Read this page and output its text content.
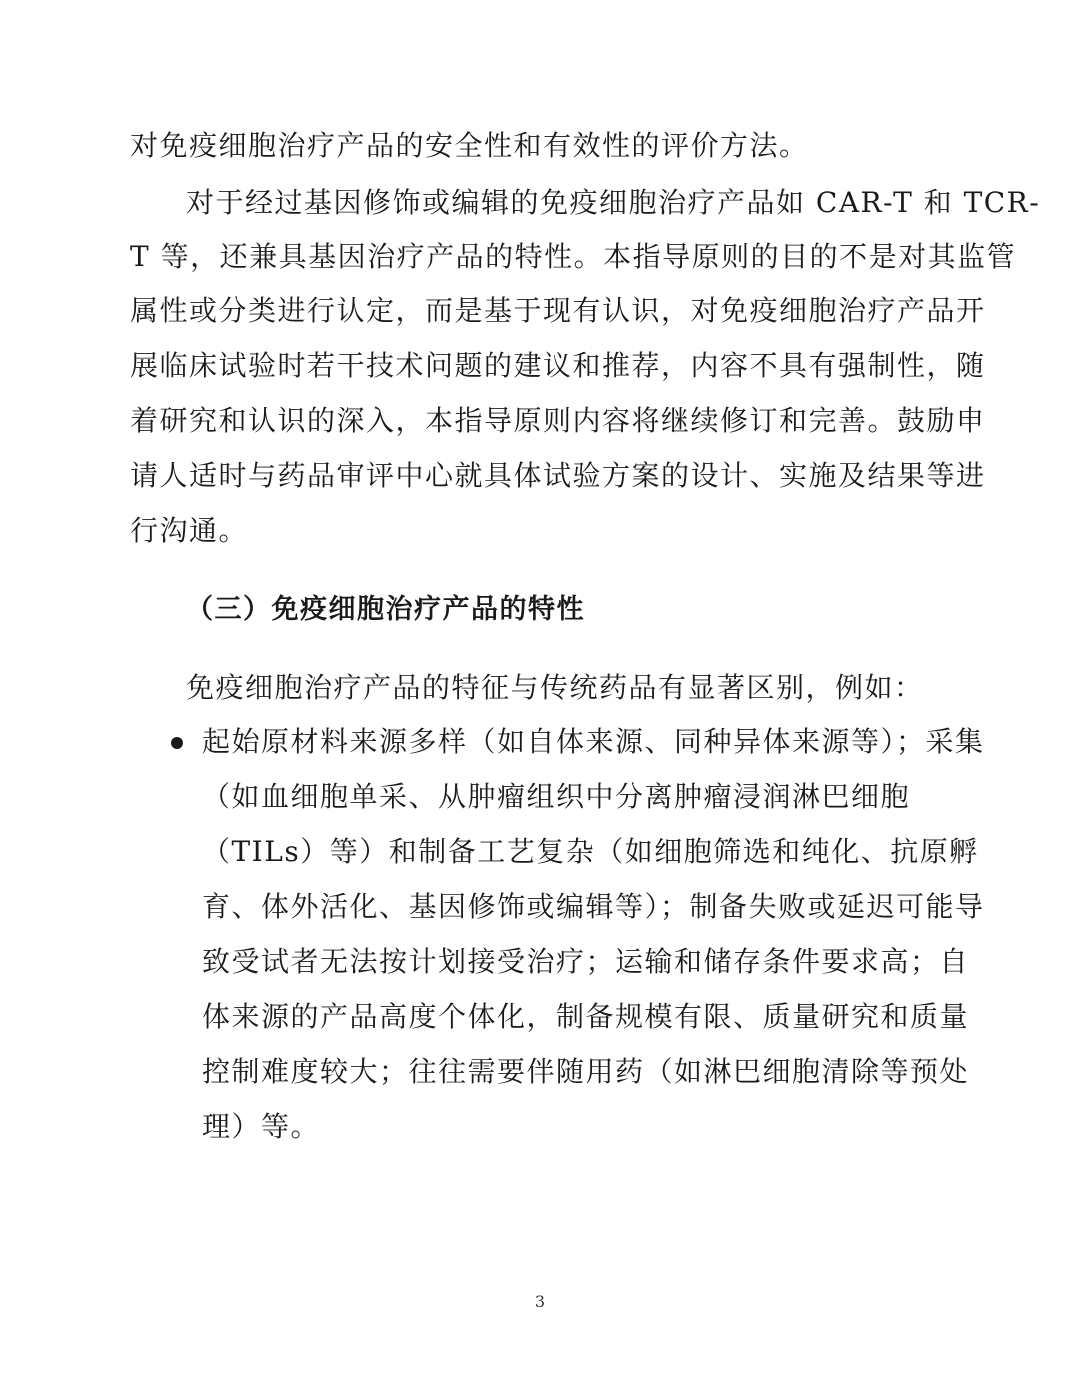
对免疫细胞治疗产品的安全性和有效性的评价方法。
对于经过基因修饰或编辑的免疫细胞治疗产品如 CAR-T 和 TCR-
T 等，还兼具基因治疗产品的特性。本指导原则的目的不是对其监管
属性或分类进行认定，而是基于现有认识，对免疫细胞治疗产品开
展临床试验时若干技术问题的建议和推荐，内容不具有强制性，随
着研究和认识的深入，本指导原则内容将继续修订和完善。鼓励申
请人适时与药品审评中心就具体试验方案的设计、实施及结果等进
行沟通。
（三）免疫细胞治疗产品的特性
免疫细胞治疗产品的特征与传统药品有显著区别，例如：
起始原材料来源多样（如自体来源、同种异体来源等）；采集
（如血细胞单采、从肿瘤组织中分离肿瘤浸润淋巴细胞
（TILs）等）和制备工艺复杂（如细胞筛选和纯化、抗原孵
育、体外活化、基因修饰或编辑等）；制备失败或延迟可能导
致受试者无法按计划接受治疗；运输和储存条件要求高；自
体来源的产品高度个体化，制备规模有限、质量研究和质量
控制难度较大；往往需要伴随用药（如淋巴细胞清除等预处
理）等。
3
